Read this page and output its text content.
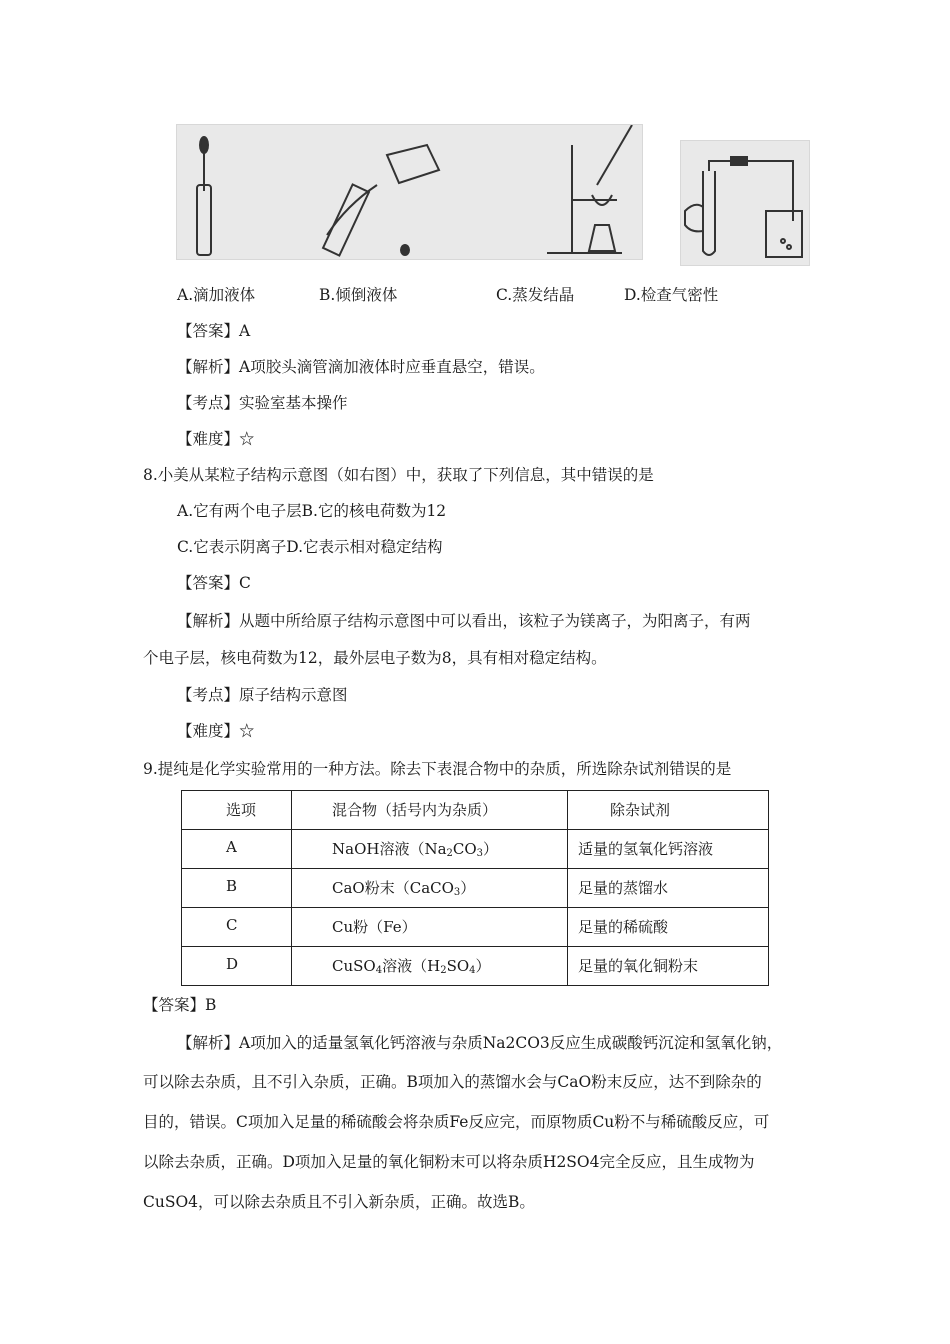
A.滴加液体	B.倾倒液体	C.蒸发结晶	D.检查气密性
【答案】A
【解析】A项胶头滴管滴加液体时应垂直悬空，错误。
【考点】实验室基本操作
【难度】☆
8.小美从某粒子结构示意图（如右图）中，获取了下列信息，其中错误的是
A.它有两个电子层B.它的核电荷数为12
C.它表示阴离子D.它表示相对稳定结构
【答案】C
【解析】从题中所给原子结构示意图中可以看出，该粒子为镁离子，为阳离子，有两
个电子层，核电荷数为12，最外层电子数为8，具有相对稳定结构。
【考点】原子结构示意图
【难度】☆
9.提纯是化学实验常用的一种方法。除去下表混合物中的杂质，所选除杂试剂错误的是
选项	混合物（括号内为杂质）	除杂试剂

A	NaOH溶液$(Na_2CO_3)$	适量的氢氧化钙溶液

B	CaO粉末（CaCO$_3$）	足量的蒸馏水

C	Cu粉（Fe）	足量的稀硫酸

D	CuSO$_4$溶液$(H_2SO_4)$	足量的氧化铜粉末
【答案】B
【解析】A项加入的适量氢氧化钙溶液与杂质Na2CO3反应生成碳酸钙沉淀和氢氧化钠，
可以除去杂质，且不引入杂质，正确。B项加入的蒸馏水会与CaO粉末反应，达不到除杂的
目的，错误。C项加入足量的稀硫酸会将杂质Fe反应完，而原物质Cu粉不与稀硫酸反应，可
以除去杂质，正确。D项加入足量的氧化铜粉末可以将杂质H2SO4完全反应，且生成物为
CuSO4，可以除去杂质且不引入新杂质，正确。故选B。
